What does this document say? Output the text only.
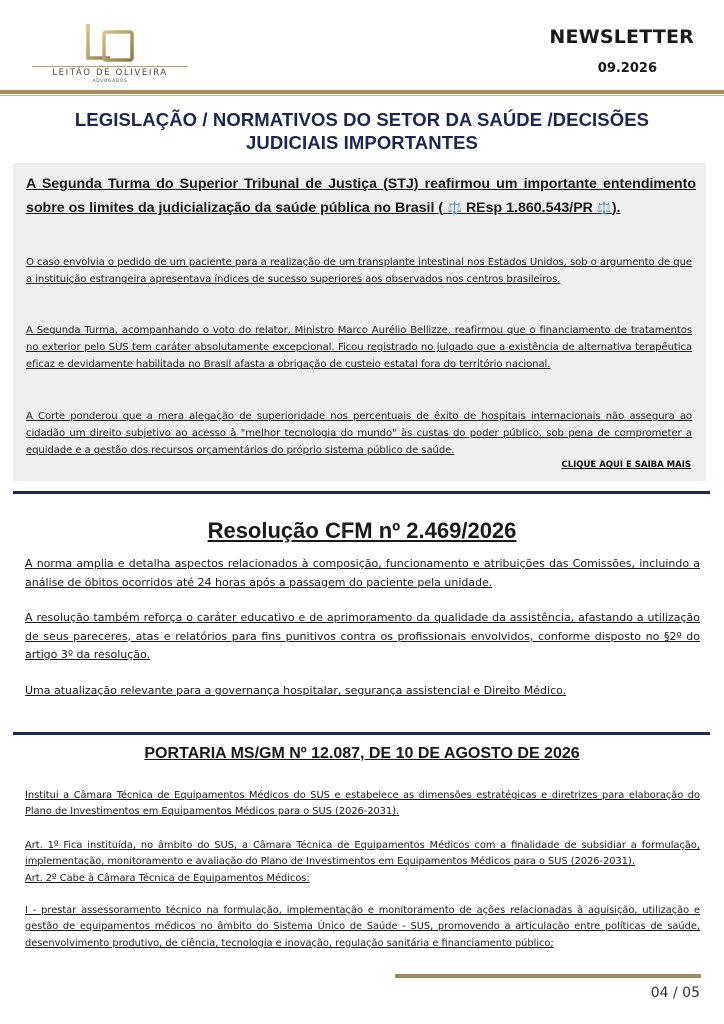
LEITÃO DE OLIVEIRA
ADVOGADOS
NEWSLETTER
09.2026
LEGISLAÇÃO / NORMATIVOS DO SETOR DA SAÚDE /DECISÕES JUDICIAIS IMPORTANTES
A Segunda Turma do Superior Tribunal de Justiça (STJ) reafirmou um importante entendimento sobre os limites da judicialização da saúde pública no Brasil ( ⚖️ REsp 1.860.543/PR ⚖️).
O caso envolvia o pedido de um paciente para a realização de um transplante intestinal nos Estados Unidos, sob o argumento de que a instituição estrangeira apresentava índices de sucesso superiores aos observados nos centros brasileiros.
A Segunda Turma, acompanhando o voto do relator, Ministro Marco Aurélio Bellizze, reafirmou que o financiamento de tratamentos no exterior pelo SUS tem caráter absolutamente excepcional. Ficou registrado no julgado que a existência de alternativa terapêutica eficaz e devidamente habilitada no Brasil afasta a obrigação de custeio estatal fora do território nacional.
A Corte ponderou que a mera alegação de superioridade nos percentuais de êxito de hospitais internacionais não assegura ao cidadão um direito subjetivo ao acesso à "melhor tecnologia do mundo" às custas do poder público, sob pena de comprometer a equidade e a gestão dos recursos orçamentários do próprio sistema público de saúde.
CLIQUE AQUI E SAIBA MAIS
Resolução CFM nº 2.469/2026
A norma amplia e detalha aspectos relacionados à composição, funcionamento e atribuições das Comissões, incluindo a análise de óbitos ocorridos até 24 horas após a passagem do paciente pela unidade.
A resolução também reforça o caráter educativo e de aprimoramento da qualidade da assistência, afastando a utilização de seus pareceres, atas e relatórios para fins punitivos contra os profissionais envolvidos, conforme disposto no §2º do artigo 3º da resolução.
Uma atualização relevante para a governança hospitalar, segurança assistencial e Direito Médico.
PORTARIA MS/GM Nº 12.087, DE 10 DE AGOSTO DE 2026
Institui a Câmara Técnica de Equipamentos Médicos do SUS e estabelece as dimensões estratégicas e diretrizes para elaboração do Plano de Investimentos em Equipamentos Médicos para o SUS (2026-2031).
Art. 1º Fica instituída, no âmbito do SUS, a Câmara Técnica de Equipamentos Médicos com a finalidade de subsidiar a formulação, implementação, monitoramento e avaliação do Plano de Investimentos em Equipamentos Médicos para o SUS (2026-2031).
Art. 2º Cabe à Câmara Técnica de Equipamentos Médicos:
I - prestar assessoramento técnico na formulação, implementação e monitoramento de ações relacionadas à aquisição, utilização e gestão de equipamentos médicos no âmbito do Sistema Único de Saúde - SUS, promovendo a articulação entre políticas de saúde, desenvolvimento produtivo, de ciência, tecnologia e inovação, regulação sanitária e financiamento público;
04 / 05
